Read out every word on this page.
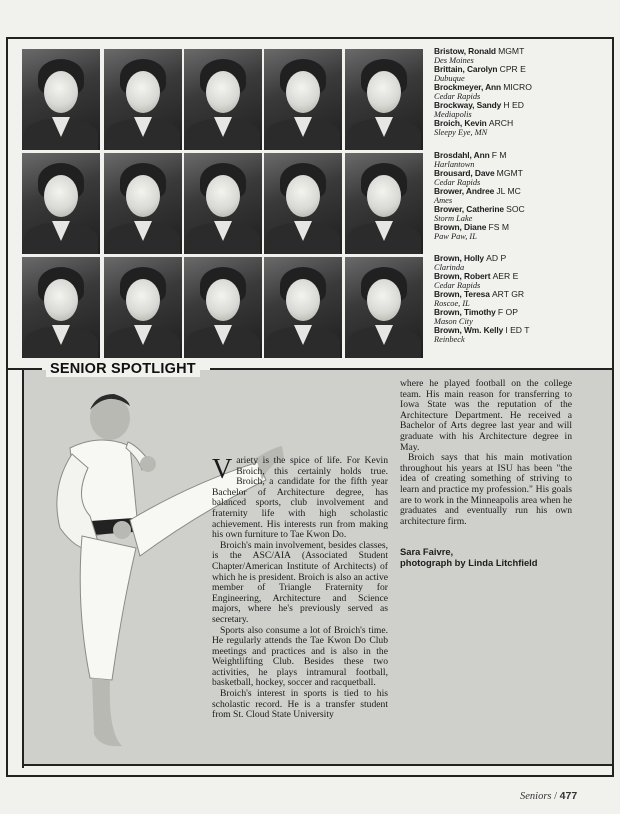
Bristow, Ronald MGMT
Des Moines
Brittain, Carolyn CPR E
Dubuque
Brockmeyer, Ann MICRO
Cedar Rapids
Brockway, Sandy H ED
Mediapolis
Broich, Kevin ARCH
Sleepy Eye, MN
Brosdahl, Ann F M
Harlantown
Brousard, Dave MGMT
Cedar Rapids
Brower, Andree JL MC
Ames
Brower, Catherine SOC
Storm Lake
Brown, Diane FS M
Paw Paw, IL
Brown, Holly AD P
Clarinda
Brown, Robert AER E
Cedar Rapids
Brown, Teresa ART GR
Roscoe, IL
Brown, Timothy F OP
Mason City
Brown, Wm. Kelly I ED T
Reinbeck
SENIOR SPOTLIGHT
V ariety is the spice of life. For Kevin Broich, this certainly holds true. Broich, a candidate for the fifth year Bachelor of Architecture degree, has balanced sports, club involvement and fraternity life with high scholastic achievement. His interests run from making his own furniture to Tae Kwon Do.

Broich's main involvement, besides classes, is the ASC/AIA (Associated Student Chapter/American Institute of Architects) of which he is president. Broich is also an active member of Triangle Fraternity for Engineering, Architecture and Science majors, where he's previously served as secretary.

Sports also consume a lot of Broich's time. He regularly attends the Tae Kwon Do Club meetings and practices and is also in the Weightlifting Club. Besides these two activities, he plays intramural football, basketball, hockey, soccer and racquetball.

Broich's interest in sports is tied to his scholastic record. He is a transfer student from St. Cloud State University

where he played football on the college team. His main reason for transferring to Iowa State was the reputation of the Architecture Department. He received a Bachelor of Arts degree last year and will graduate with his Architecture degree in May.

Broich says that his main motivation throughout his years at ISU has been "the idea of creating something of striving to learn and practice my profession." His goals are to work in the Minneapolis area when he graduates and eventually run his own architecture firm.

Sara Faivre,
photograph by Linda Litchfield
Seniors / 477
